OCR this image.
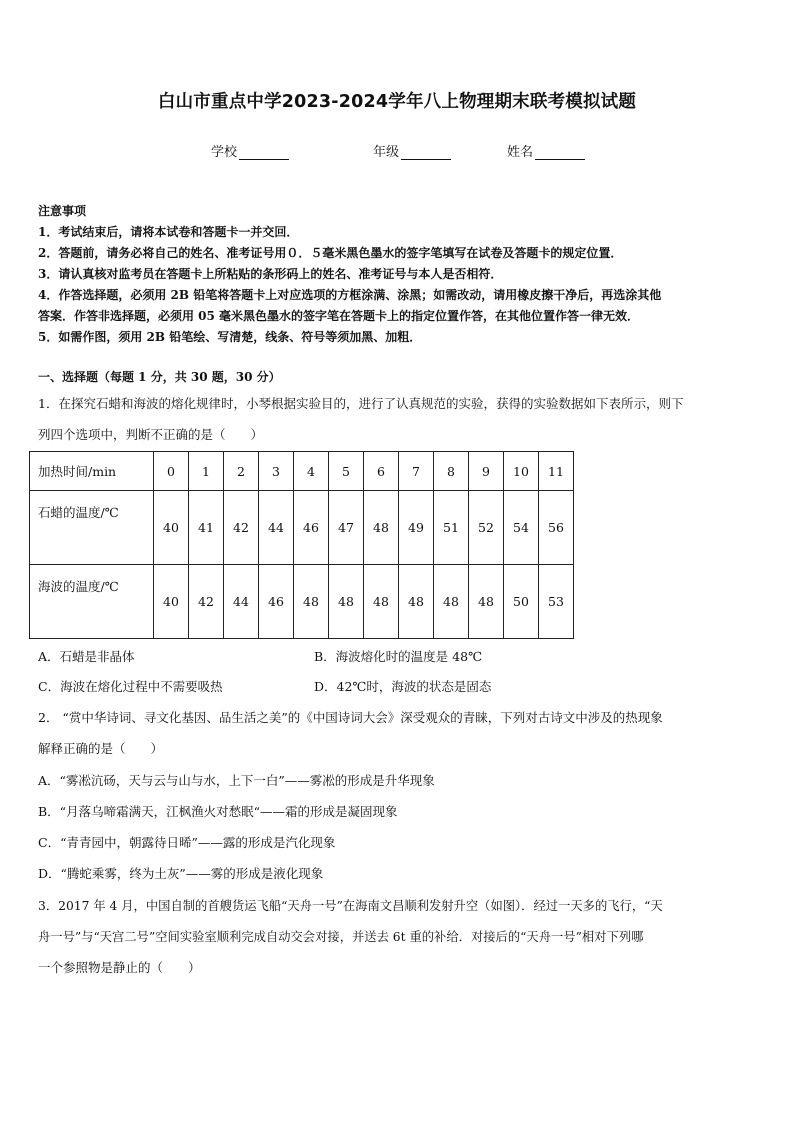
白山市重点中学2023-2024学年八上物理期末联考模拟试题
学校	年级	姓名
注意事项
1．考试结束后，请将本试卷和答题卡一并交回．
2．答题前，请务必将自己的姓名、准考证号用０．５毫米黑色墨水的签字笔填写在试卷及答题卡的规定位置．
3．请认真核对监考员在答题卡上所粘贴的条形码上的姓名、准考证号与本人是否相符．
4．作答选择题，必须用 2B 铅笔将答题卡上对应选项的方框涂满、涂黑；如需改动，请用橡皮擦干净后，再选涂其他
答案．作答非选择题，必须用 05 毫米黑色墨水的签字笔在答题卡上的指定位置作答，在其他位置作答一律无效．
5．如需作图，须用 2B 铅笔绘、写清楚，线条、符号等须加黑、加粗．
一、选择题（每题 1 分，共 30 题，30 分）
1．在探究石蜡和海波的熔化规律时，小琴根据实验目的，进行了认真规范的实验，获得的实验数据如下表所示，则下
列四个选项中，判断不正确的是（　　）
加热时间/min	0	1	2	3	4	5	6	7	8	9	10	11

石蜡的温度/℃	40	41	42	44	46	47	48	49	51	52	54	56

海波的温度/℃	40	42	44	46	48	48	48	48	48	48	50	53
A．石蜡是非晶体	B．海波熔化时的温度是 48℃
C．海波在熔化过程中不需要吸热	D．42℃时，海波的状态是固态
2． “赏中华诗词、寻文化基因、品生活之美”的《中国诗词大会》深受观众的青睐，下列对古诗文中涉及的热现象
解释正确的是（　　）
A．“雾凇沆砀，天与云与山与水，上下一白”——雾凇的形成是升华现象
B．“月落乌啼霜满天，江枫渔火对愁眠“——霜的形成是凝固现象
C．“青青园中，朝露待日晞”——露的形成是汽化现象
D．“腾蛇乘雾，终为土灰”——雾的形成是液化现象
3．2017 年 4 月，中国自制的首艘货运飞船“天舟一号”在海南文昌顺利发射升空（如图）．经过一天多的飞行，“天
舟一号”与“天宫二号”空间实验室顺利完成自动交会对接，并送去 6t 重的补给．对接后的“天舟一号”相对下列哪
一个参照物是静止的（　　）
